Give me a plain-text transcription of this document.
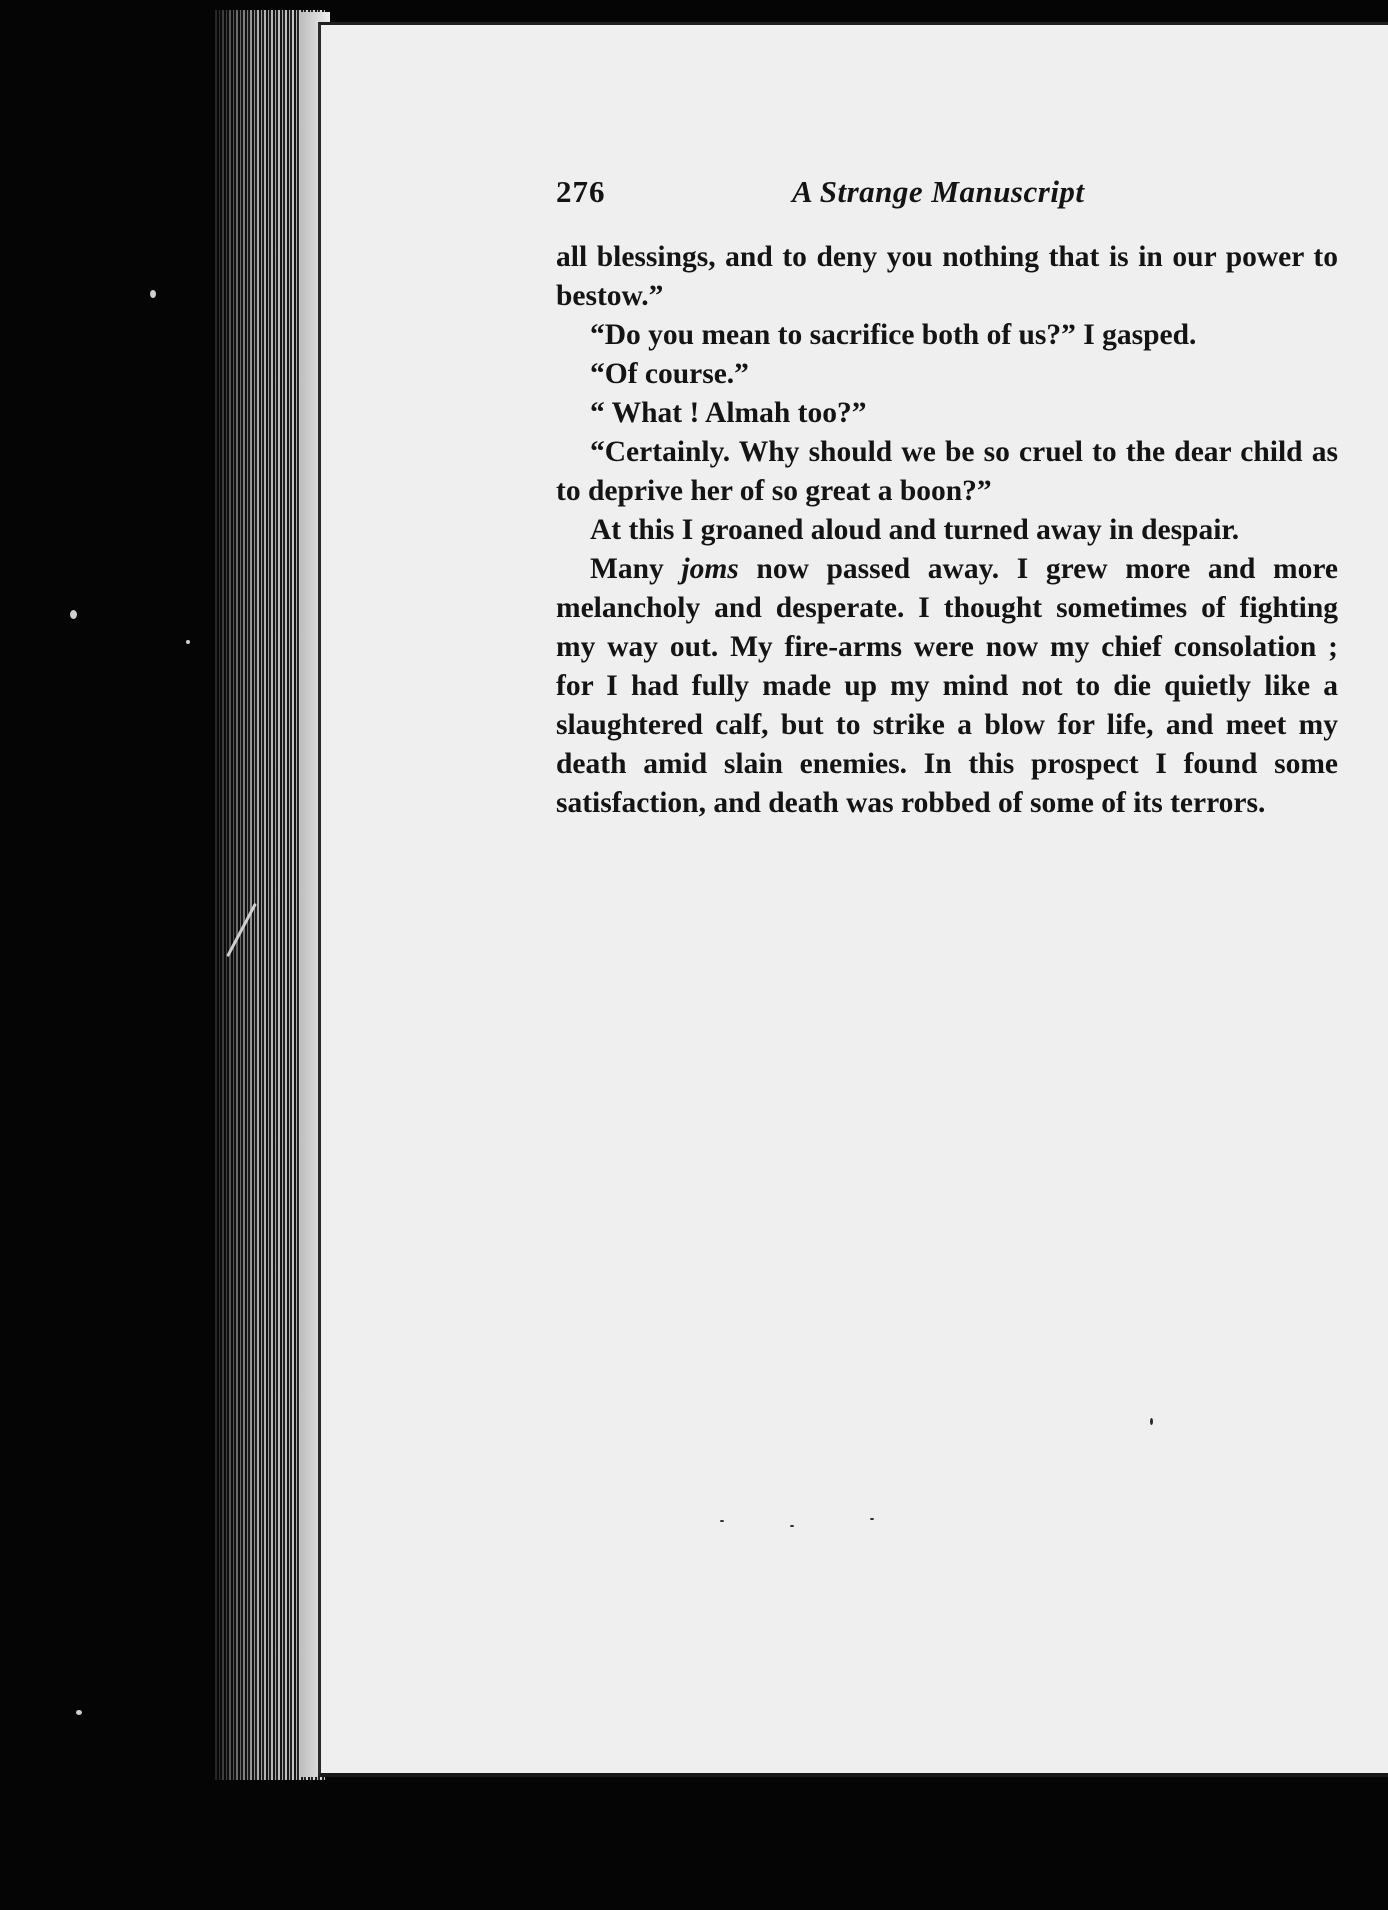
276	A Strange Manuscript

all blessings, and to deny you nothing that is in our power to bestow.”

“Do you mean to sacrifice both of us?” I gasped.

“Of course.”

“ What ! Almah too?”

“Certainly. Why should we be so cruel to the dear child as to deprive her of so great a boon?”

At this I groaned aloud and turned away in despair.

Many joms now passed away. I grew more and more melancholy and desperate. I thought sometimes of fighting my way out. My fire-arms were now my chief consolation ; for I had fully made up my mind not to die quietly like a slaughtered calf, but to strike a blow for life, and meet my death amid slain enemies. In this prospect I found some satisfaction, and death was robbed of some of its terrors.
